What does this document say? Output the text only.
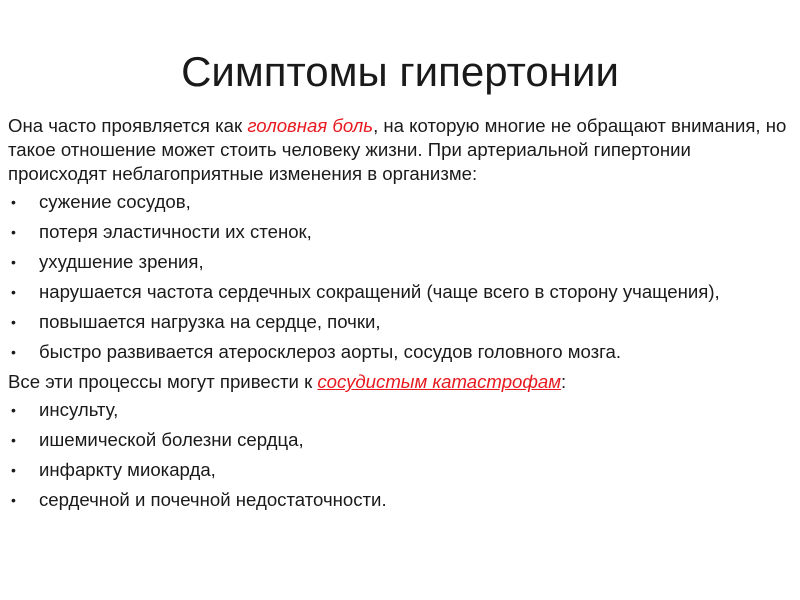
Симптомы гипертонии

Она часто проявляется как головная боль, на которую многие не обращают внимания, но такое отношение может стоить человеку жизни. При артериальной гипертонии происходят неблагоприятные изменения в организме:

• сужение сосудов,
• потеря эластичности их стенок,
• ухудшение зрения,
• нарушается частота сердечных сокращений (чаще всего в сторону учащения),
• повышается нагрузка на сердце, почки,
• быстро развивается атеросклероз аорты, сосудов головного мозга.

Все эти процессы могут привести к сосудистым катастрофам:

• инсульту,
• ишемической болезни сердца,
• инфаркту миокарда,
• сердечной и почечной недостаточности.
